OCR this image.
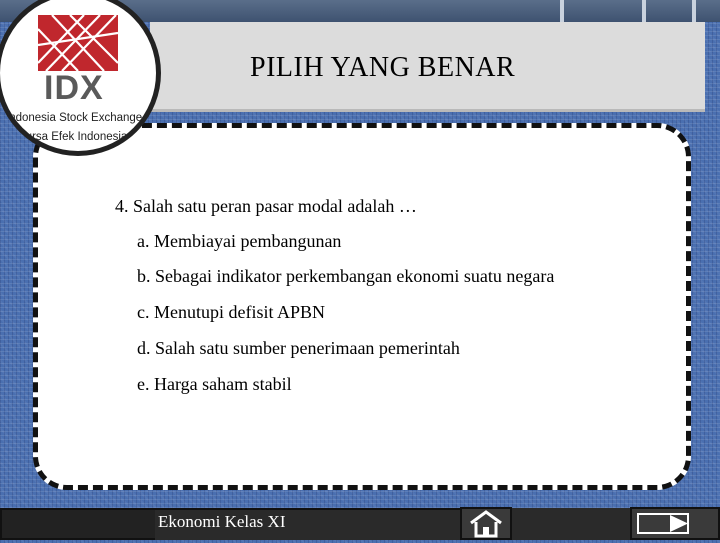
PILIH YANG BENAR
IDX
Indonesia Stock Exchange
Bursa Efek Indonesia
4. Salah satu peran pasar modal adalah …
a. Membiayai pembangunan
b. Sebagai indikator perkembangan ekonomi suatu negara
c. Menutupi defisit APBN
d. Salah satu sumber penerimaan pemerintah
e. Harga saham stabil
Ekonomi Kelas XI
